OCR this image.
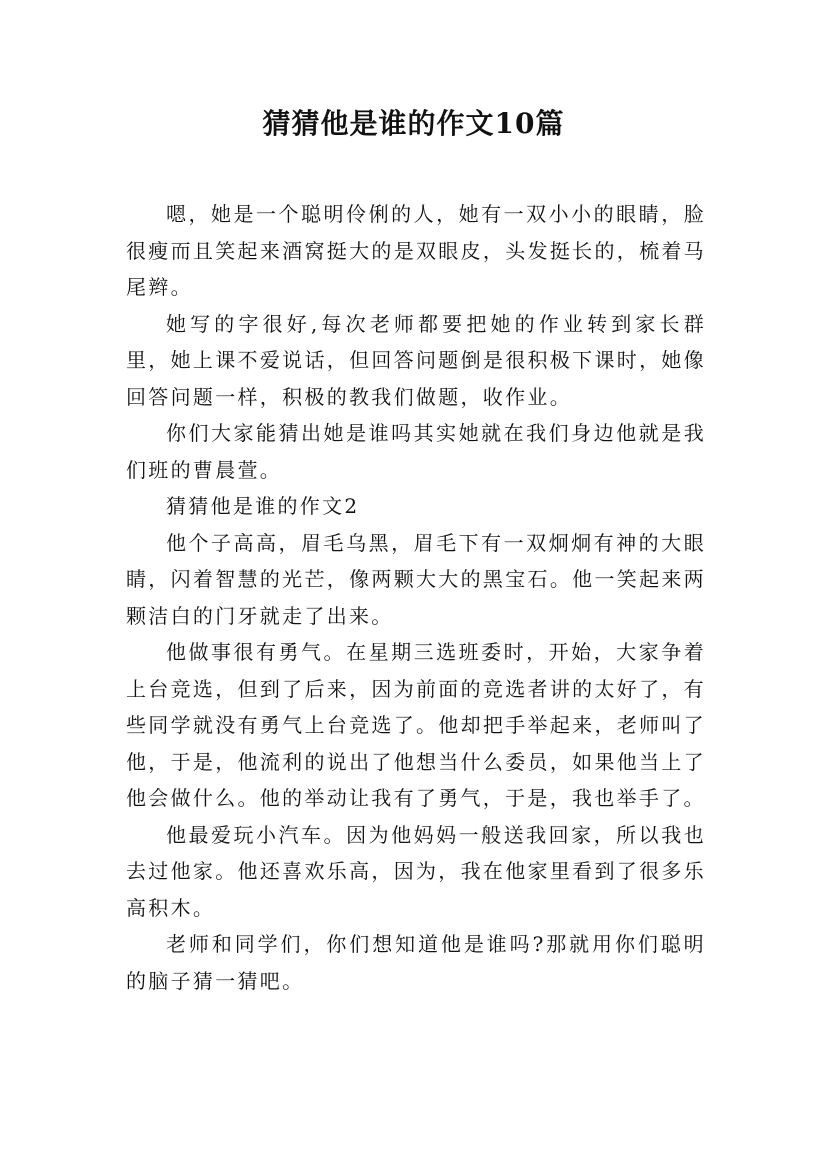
猜猜他是谁的作文10篇

嗯，她是一个聪明伶俐的人，她有一双小小的眼睛，脸很瘦而且笑起来酒窝挺大的是双眼皮，头发挺长的，梳着马尾辫。

她写的字很好,每次老师都要把她的作业转到家长群里，她上课不爱说话，但回答问题倒是很积极下课时，她像回答问题一样，积极的教我们做题，收作业。

你们大家能猜出她是谁吗其实她就在我们身边他就是我们班的曹晨萱。

猜猜他是谁的作文2

他个子高高，眉毛乌黑，眉毛下有一双炯炯有神的大眼睛，闪着智慧的光芒，像两颗大大的黑宝石。他一笑起来两颗洁白的门牙就走了出来。

他做事很有勇气。在星期三选班委时，开始，大家争着上台竞选，但到了后来，因为前面的竞选者讲的太好了，有些同学就没有勇气上台竞选了。他却把手举起来，老师叫了他，于是，他流利的说出了他想当什么委员，如果他当上了他会做什么。他的举动让我有了勇气，于是，我也举手了。

他最爱玩小汽车。因为他妈妈一般送我回家，所以我也去过他家。他还喜欢乐高，因为，我在他家里看到了很多乐高积木。

老师和同学们，你们想知道他是谁吗?那就用你们聪明的脑子猜一猜吧。
